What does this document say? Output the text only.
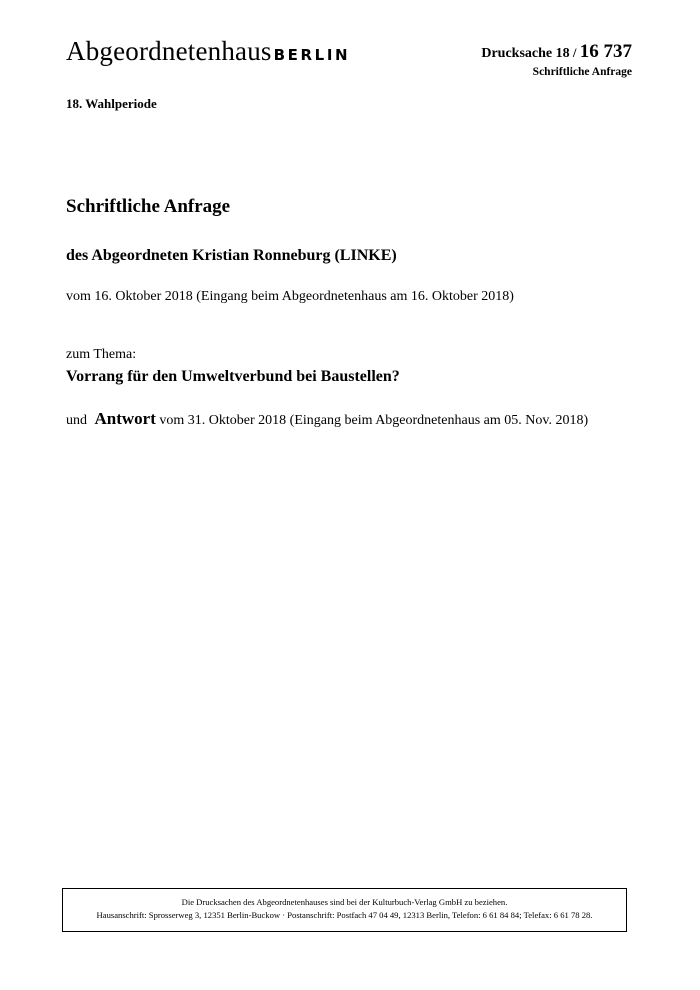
Abgeordnetenhaus BERLIN	Drucksache 18 / 16 737
Schriftliche Anfrage
18. Wahlperiode
Schriftliche Anfrage
des Abgeordneten Kristian Ronneburg (LINKE)
vom 16. Oktober 2018 (Eingang beim Abgeordnetenhaus am 16. Oktober 2018)
zum Thema:
Vorrang für den Umweltverbund bei Baustellen?
und Antwort vom 31. Oktober 2018 (Eingang beim Abgeordnetenhaus am 05. Nov. 2018)
Die Drucksachen des Abgeordnetenhauses sind bei der Kulturbuch-Verlag GmbH zu beziehen.
Hausanschrift: Sprosserweg 3, 12351 Berlin-Buckow · Postanschrift: Postfach 47 04 49, 12313 Berlin, Telefon: 6 61 84 84; Telefax: 6 61 78 28.
